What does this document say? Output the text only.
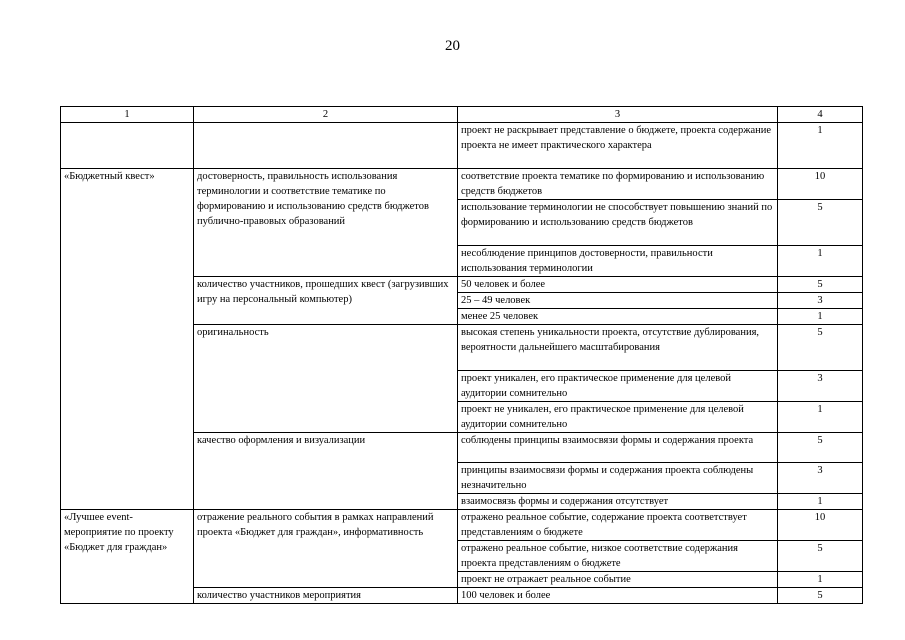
20
1	2	3	4
		проект не раскрывает представление о бюджете, проекта содержание проекта не имеет практического характера	1
«Бюджетный квест»	достоверность, правильность использования терминологии и соответствие тематике по формированию и использованию средств бюджетов публично-правовых образований	соответствие проекта тематике по формированию и использованию средств бюджетов	10
		использование терминологии не способствует повышению знаний по формированию и использованию средств бюджетов	5
		несоблюдение принципов достоверности, правильности использования терминологии	1
	количество участников, прошедших квест (загрузивших игру на персональный компьютер)	50 человек и более	5
		25 – 49 человек	3
		менее 25 человек	1
	оригинальность	высокая степень уникальности проекта, отсутствие дублирования, вероятности дальнейшего масштабирования	5
		проект уникален, его практическое применение для целевой аудитории сомнительно	3
		проект не уникален, его практическое применение для целевой аудитории сомнительно	1
	качество оформления и визуализации	соблюдены принципы взаимосвязи формы и содержания проекта	5
		принципы взаимосвязи формы и содержания проекта соблюдены незначительно	3
		взаимосвязь формы и содержания отсутствует	1
«Лучшее event-мероприятие по проекту «Бюджет для граждан»	отражение реального события в рамках направлений проекта «Бюджет для граждан», информативность	отражено реальное событие, содержание проекта соответствует представлениям о бюджете	10
		отражено реальное событие, низкое соответствие содержания проекта представлениям о бюджете	5
		проект не отражает реальное событие	1
	количество участников мероприятия	100 человек и более	5
